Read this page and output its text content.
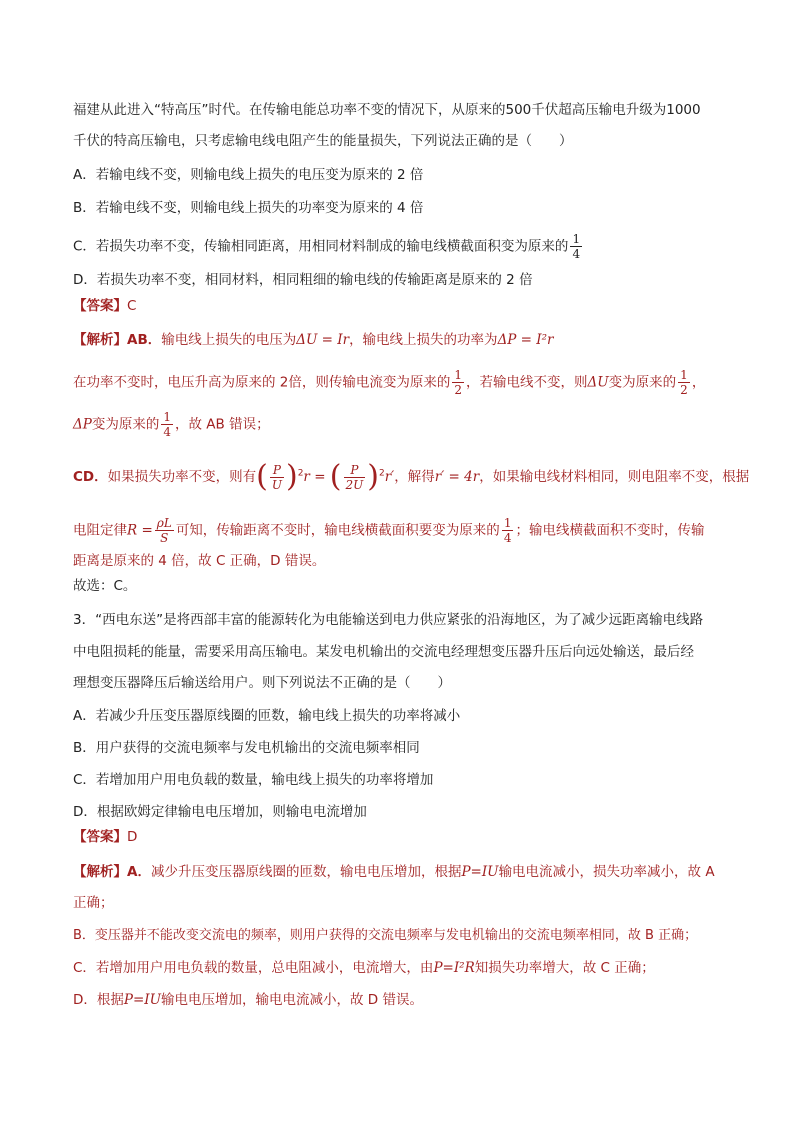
福建从此进入“特高压”时代。在传输电能总功率不变的情况下，从原来的500千伏超高压输电升级为1000
千伏的特高压输电，只考虑输电线电阻产生的能量损失，下列说法正确的是（　　）
A．若输电线不变，则输电线上损失的电压变为原来的 2 倍
B．若输电线不变，则输电线上损失的功率变为原来的 4 倍
C．若损失功率不变，传输相同距离，用相同材料制成的输电线横截面积变为原来的 $\frac{1}{4}$
D．若损失功率不变，相同材料，相同粗细的输电线的传输距离是原来的 2 倍
【答案】C
【解析】AB．输电线上损失的电压为ΔU = Ir，输电线上损失的功率为ΔP = I²r
在功率不变时，电压升高为原来的 2倍，则传输电流变为原来的 $\frac{1}{2}$ ，若输电线不变，则ΔU变为原来的 $\frac{1}{2}$ ，
ΔP变为原来的 $\frac{1}{4}$ ，故 AB 错误；
CD．如果损失功率不变，则有( $\frac{P}{U} )^2r$ = ( $\frac{P}{2U} )^2r'$，解得r′ = 4r，如果输电线材料相同，则电阻率不变，根据
电阻定律$R = \frac{\rho L}{S}$ 可知，传输距离不变时，输电线横截面积要变为原来的 $\frac{1}{4}$ ；输电线横截面积不变时，传输
距离是原来的 4 倍，故 C 正确，D 错误。
故选：C。
3．“西电东送”是将西部丰富的能源转化为电能输送到电力供应紧张的沿海地区，为了减少远距离输电线路
中电阻损耗的能量，需要采用高压输电。某发电机输出的交流电经理想变压器升压后向远处输送，最后经
理想变压器降压后输送给用户。则下列说法不正确的是（　　）
A．若减少升压变压器原线圈的匝数，输电线上损失的功率将减小
B．用户获得的交流电频率与发电机输出的交流电频率相同
C．若增加用户用电负载的数量，输电线上损失的功率将增加
D．根据欧姆定律输电电压增加，则输电电流增加
【答案】D
【解析】A．减少升压变压器原线圈的匝数，输电电压增加，根据P=IU输电电流减小，损失功率减小，故 A
正确；
B．变压器并不能改变交流电的频率，则用户获得的交流电频率与发电机输出的交流电频率相同，故 B 正确；
C．若增加用户用电负载的数量，总电阻减小，电流增大，由P=I²R知损失功率增大，故 C 正确；
D．根据P=IU输电电压增加，输电电流减小，故 D 错误。
